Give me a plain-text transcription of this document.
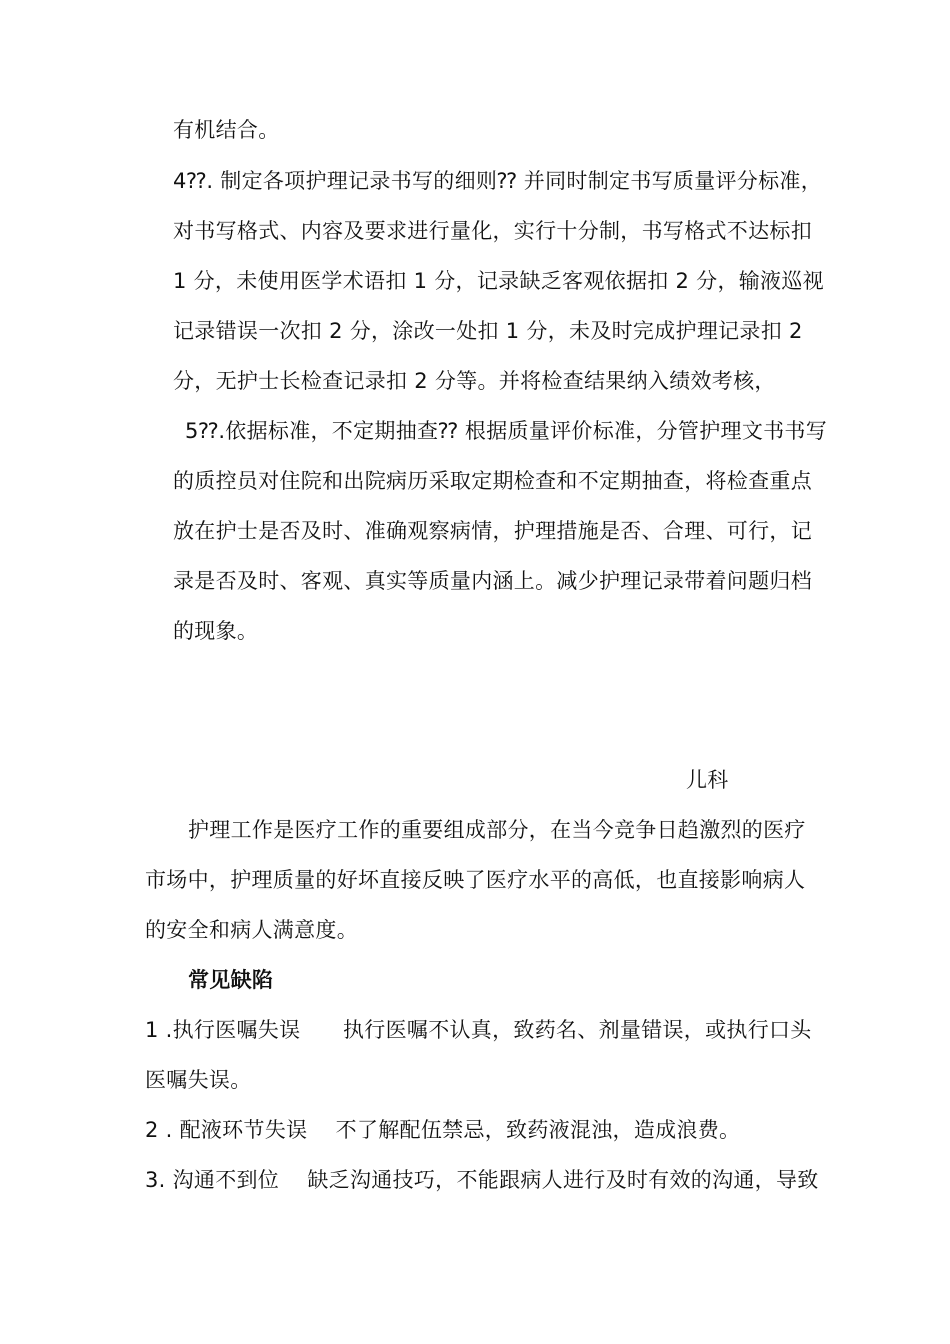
有机结合。
4⁇. 制定各项护理记录书写的细则⁇ 并同时制定书写质量评分标准，
对书写格式、内容及要求进行量化，实行十分制，书写格式不达标扣
1 分，未使用医学术语扣 1 分，记录缺乏客观依据扣 2 分，输液巡视
记录错误一次扣 2 分，涂改一处扣 1 分，未及时完成护理记录扣 2
分，无护士长检查记录扣 2 分等。并将检查结果纳入绩效考核，
5⁇.依据标准，不定期抽查⁇ 根据质量评价标准，分管护理文书书写
的质控员对住院和出院病历采取定期检查和不定期抽查，将检查重点
放在护士是否及时、准确观察病情，护理措施是否、合理、可行，记
录是否及时、客观、真实等质量内涵上。减少护理记录带着问题归档
的现象。
儿科
护理工作是医疗工作的重要组成部分，在当今竞争日趋激烈的医疗
市场中，护理质量的好坏直接反映了医疗水平的高低，也直接影响病人
的安全和病人满意度。
常见缺陷
1 .执行医嘱失误　　执行医嘱不认真，致药名、剂量错误，或执行口头
医嘱失误。
2 . 配液环节失误　 不了解配伍禁忌，致药液混浊，造成浪费。
3. 沟通不到位　 缺乏沟通技巧，不能跟病人进行及时有效的沟通，导致
